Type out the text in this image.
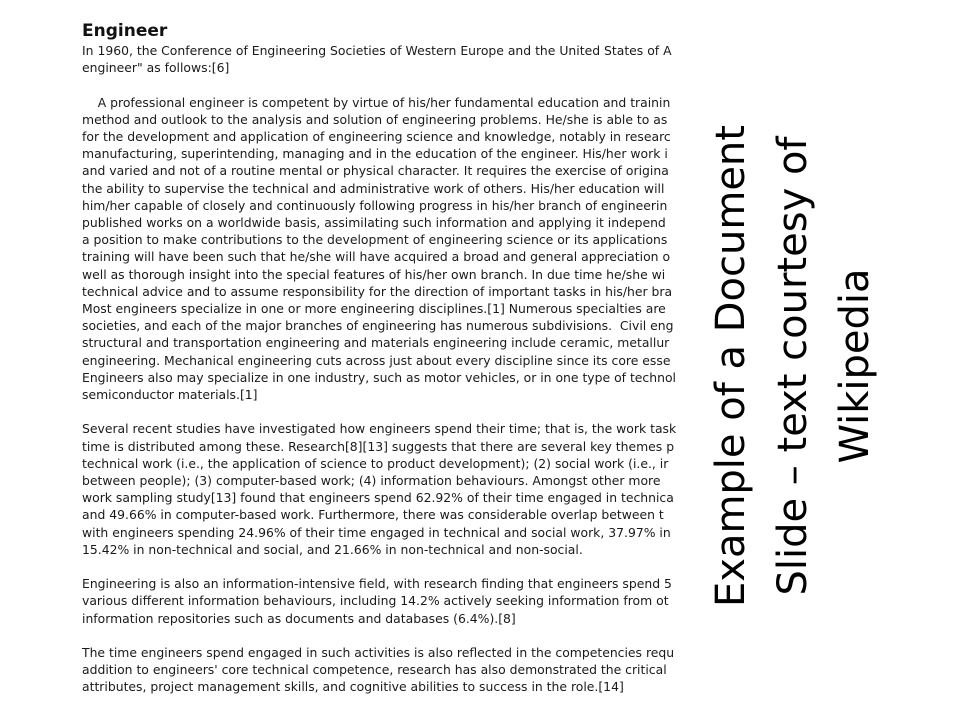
Engineer
In 1960, the Conference of Engineering Societies of Western Europe and the United States of A
engineer" as follows:[6]
A professional engineer is competent by virtue of his/her fundamental education and trainin
method and outlook to the analysis and solution of engineering problems. He/she is able to as
for the development and application of engineering science and knowledge, notably in researc
manufacturing, superintending, managing and in the education of the engineer. His/her work i
and varied and not of a routine mental or physical character. It requires the exercise of origina
the ability to supervise the technical and administrative work of others. His/her education will
him/her capable of closely and continuously following progress in his/her branch of engineerin
published works on a worldwide basis, assimilating such information and applying it independ
a position to make contributions to the development of engineering science or its applications
training will have been such that he/she will have acquired a broad and general appreciation o
well as thorough insight into the special features of his/her own branch. In due time he/she wi
technical advice and to assume responsibility for the direction of important tasks in his/her bra
Most engineers specialize in one or more engineering disciplines.[1] Numerous specialties are
societies, and each of the major branches of engineering has numerous subdivisions.  Civil eng
structural and transportation engineering and materials engineering include ceramic, metallur
engineering. Mechanical engineering cuts across just about every discipline since its core esse
Engineers also may specialize in one industry, such as motor vehicles, or in one type of technol
semiconductor materials.[1]
Several recent studies have investigated how engineers spend their time; that is, the work task
time is distributed among these. Research[8][13] suggests that there are several key themes p
technical work (i.e., the application of science to product development); (2) social work (i.e., ir
between people); (3) computer-based work; (4) information behaviours. Amongst other more
work sampling study[13] found that engineers spend 62.92% of their time engaged in technica
and 49.66% in computer-based work. Furthermore, there was considerable overlap between t
with engineers spending 24.96% of their time engaged in technical and social work, 37.97% in
15.42% in non-technical and social, and 21.66% in non-technical and non-social.
Engineering is also an information-intensive field, with research finding that engineers spend 5
various different information behaviours, including 14.2% actively seeking information from ot
information repositories such as documents and databases (6.4%).[8]
The time engineers spend engaged in such activities is also reflected in the competencies requ
addition to engineers' core technical competence, research has also demonstrated the critical
attributes, project management skills, and cognitive abilities to success in the role.[14]
Example of a Document Slide – text courtesy of Wikipedia
